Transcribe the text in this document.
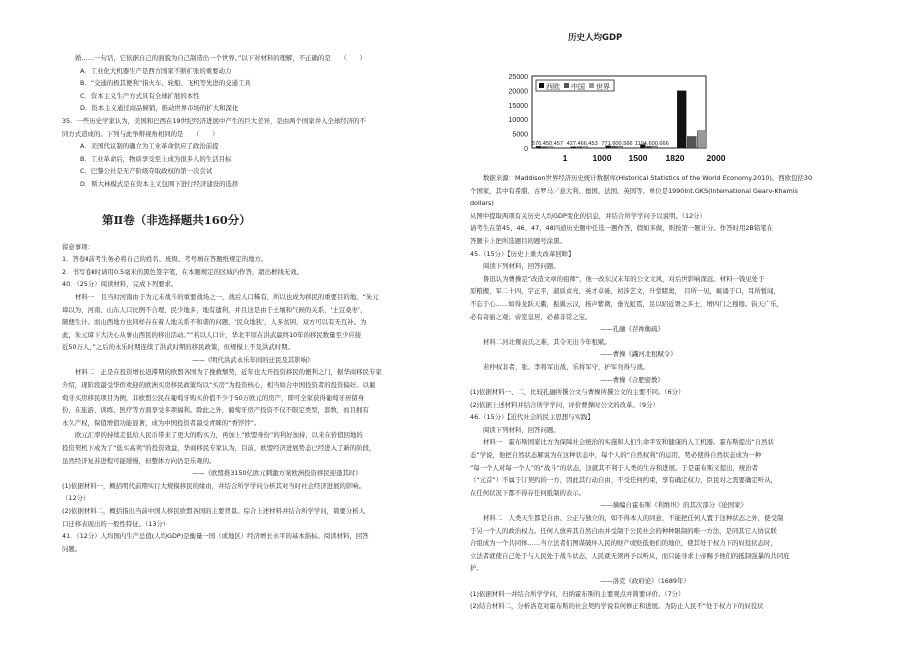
婚……一句话，它依据自己的面貌为自己制造出一个世界。”以下对材料的理解，不正确的是　　（　　）
A．工业化大机器生产是西方国家不断扩张的重要动力
B．“交通的极其便利”指火车、轮船、飞机等先进的交通工具
C．资本主义生产方式具有全球扩展的本性
D．资本主义通过商品倾销，推动世界市场的扩大和深化
35．一些历史学家认为，美国和巴西在19世纪经济进展中产生的巨大差异，是由两个国家井入全球经济的不
同方式造成的。下列与此争辩视角相同的是　　（　　）
A．美国代议制的确立为工业革命供应了政治前提
B．工业革命后，物质享受至上成为很多人的生活目标
C．巴黎公社是无产阶级夺取政权的第一次尝试
D．斯大林模式是在资本主义包围下进行经济建设的选择
第Ⅱ卷（非选择题共160分）
留意事项：
1．答卷Ⅱ前考生务必将自己的姓名、班级、考号填在答题纸规定的地方。
2．书写卷Ⅱ时请用0.5毫米的黑色签字笔，在本题规定的区域内作答，超出框线无效。
40．（25分）阅读材料，完成下列要求。
材料一　且当时河南由于为元末战斗的重要战场之一，战后人口稀有，所以也成为移民的重要目的地。“朱元
璋以为，河南、山东人口比例不合理，民少地多，地有遗利，并且这是由于土壤和气候的关系，‘土宜桑枣’，
颇便生计。而山西地方也同样存在着人地关系不和谐的问题，‘民众地狭’，人多贫困，双方可以有无互补。为
此，朱元璋下大决心从事山西民的移出活动。”“若以人口计，华北平原在洪武最终10年的移民数量至少应接
近50万人，”之后的永乐时期连续了洪武时期的移民政策，但规模上不及洪武时期。
——《明代洪武永乐年间的迁民及其影响》
材料二　正是在投资增长迟滞期的欧盟各国为了挽救颓势，近年也大开投资移民的便利之门，据华商移民专家
介绍，现阶段最受华侨欢迎的欧洲买房移民政策均以“买房”为投资核心，相当如合中国投资者的投资偏好。以葡
萄牙买房移民项目为例，非欧盟公民在葡萄牙购买价值不少于50万欧元的房产，即可全家获得葡萄牙居留身
份，在旅游、训练、医疗等方面享受多项福利。除此之外，葡萄牙房产投资不仅不限定类型，套数，而且拥有
永久产权，保值增值功能显著，成为中国投资者最受青睐的“香饽饽”。
欧元汇率的持续走低给人民币带来了更大的购买力，再加上“欧盟身份”的利好加持，以来在价值回地的
投资契机下成为了“低买高卖”的投资效益，华商移民专家认为，目前，欧盟经济进展势态已经进入了新的阶段，
虽然经济复苏进程可能缓慢，但整体方向仍是乐观的。
——《欧盟推3150亿欧元刺激方案欧洲投资移民迎逢其时》
(1)依据材料一，概括明代前期实行大规模移民的缘由，并结合所学学问分析其对当时社会经济进展的影响。
（12分）
(2)依据材料二，概括指出当前中国人移民欧盟各国的主要背景。综合上述材料并结合所学学问，简要分析人
口迁移表现出的一般性特征。（13分）
41．（12分）人均国内生产总值(人均GDP)是衡量一国（或地区）经济增长水平的基本指标。阅读材料，回答
问题。
历史人均GDP
25000
20000
15000
10000
5000
0
西欧 中国 世界
576.450.457 427.466.453 771.600.566 1194.600.666
1	1000 1500 1820	2000
数据来源：Maddison世界经济历史统计数据库(Historical Statistics of the World Economy.2010)。西欧包括30
个国家，其中有希腊、古罗马／意大利、德国、法国、英国等。单位是1990Int.GKS(Intemational Gearv-Khamis
dollars)
从图中提取两项有关历史人均GDP变化的信息，并结合所学学问予以说明。（12分）
请考生在第45、46、47、48四道历史题中任选一题作答，假如多做，则按第一题计分。作答时用2B铅笔在
答题卡上把所选题目的题号涂黑。
45.（15分）【历史上重大改革回眸】
阅读下列材料，回答问题。
鲁迅认为曹操是“改造文章的祖师”，他一改东汉末年的公文文风，对后世影响深远。材料一钱见处于
原粮搬，军二十四，字正平，淑质贞亮，英才卓砾，初涉艺文，升堂睹奥，　目所一见，辄诵于口，耳所暂闻，
不忘于心……如得龙跃天衢，振翼云汉，扬声紫微，垂光虹霓，足以昭近署之多士，增四门之穆穆。钧天广乐，
必有奇丽之观；帝室皇居，必蓄非常之宝。
——孔融《荐祢衡疏》
材料二河北罹袁氏之难，其令无出今年租赋。
——曹操《蠲河北租赋令》
若仲权非者，张、李将军出战，乐将军守，护军勿得与战。
——曹操《合肥密教》
(1)依据材料一、二，比较孔融所撰公文与曹操所撰公文的主要不同。（6分）
(2)依据上述材料并结合所学学问，评价曹操时公文的改革。（9分）
46.（15分）【近代社会的民主思想与实践】
阅读下列材料，回答问题。
材料一　霍布斯国家比方为保障社会统治的实施和人们生命平安和健康的人工机器。霍布斯提出“自然状
态”学说，他把自然状态解说为在这种状态中，每个人的“自然权利”的运用，势必使得自然状态成为一种
“每一个人对每一个人”的“战斗”的状态，这就其不利于人类的生存和进展。于是霍布斯又提出，统治者
（“元首”）不属于订契约的一方，因此其行动自由，不受任何约束，享有确定权力，臣民对之需要确定听从，
在任何状况下都不得存任何抵制的表示。
——摘编自霍布斯《利维坦》的其次部分《论国家》
材料二　人类天生都是自由、公正与独立的，如不得本人的同意，不能把任何人置于这种状态之外，使受制
于另一个人的政治权力。任何人放弃其自然自由并受制于公民社会的种种限制的唯一方法，是同其它人协议联
合组成为一个共同体……当立法者们图谋破坏人民的财产或贬低他们的地位，使其处于权力下的奴役状态时，
立法者就使自己处于与人民处于战斗状态，人民就无须再予以听从，而只能寻求上帝赐予他们的抵制强暴的共同庇
护。
——洛克《政府论》（1689年）
(1)依据材料一并结合所学学问，归纳霍布斯的主要观点并简要评价。（7分）
(2)结合材料二，分析洛克对霍布斯的社会契约学说有何修正和进展。为防止人民不“处于权力下的奴役状
